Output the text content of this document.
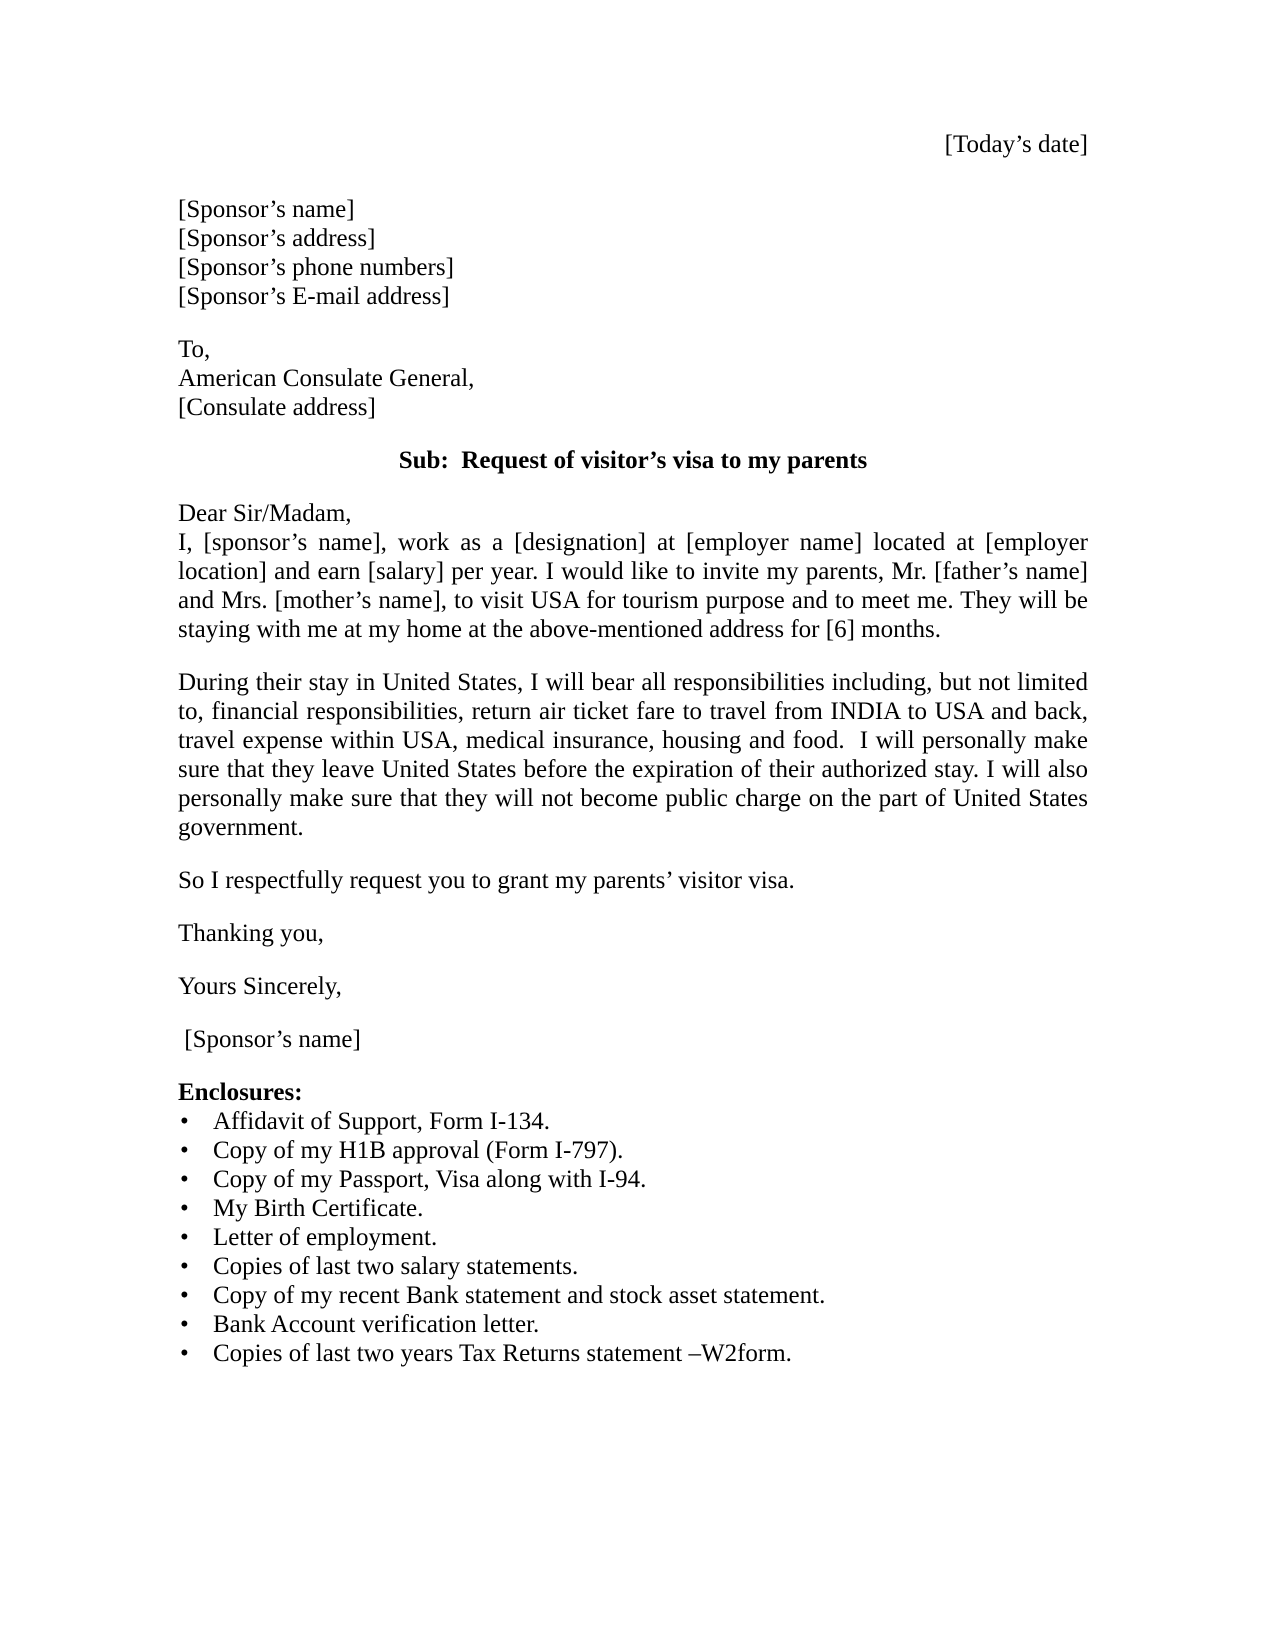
[Today’s date]
[Sponsor’s name]
[Sponsor’s address]
[Sponsor’s phone numbers]
[Sponsor’s E-mail address]
To,
American Consulate General,
[Consulate address]
Sub:  Request of visitor’s visa to my parents
Dear Sir/Madam,

I, [sponsor’s name], work as a [designation] at [employer name] located at [employer location] and earn [salary] per year. I would like to invite my parents, Mr. [father’s name] and Mrs. [mother’s name], to visit USA for tourism purpose and to meet me. They will be staying with me at my home at the above-mentioned address for [6] months.

During their stay in United States, I will bear all responsibilities including, but not limited to, financial responsibilities, return air ticket fare to travel from INDIA to USA and back, travel expense within USA, medical insurance, housing and food.  I will personally make sure that they leave United States before the expiration of their authorized stay. I will also personally make sure that they will not become public charge on the part of United States government.

So I respectfully request you to grant my parents’ visitor visa.

Thanking you,
Yours Sincerely,
[Sponsor’s name]
Enclosures:
• Affidavit of Support, Form I-134.
• Copy of my H1B approval (Form I-797).
• Copy of my Passport, Visa along with I-94.
• My Birth Certificate.
• Letter of employment.
• Copies of last two salary statements.
• Copy of my recent Bank statement and stock asset statement.
• Bank Account verification letter.
• Copies of last two years Tax Returns statement –W2form.
